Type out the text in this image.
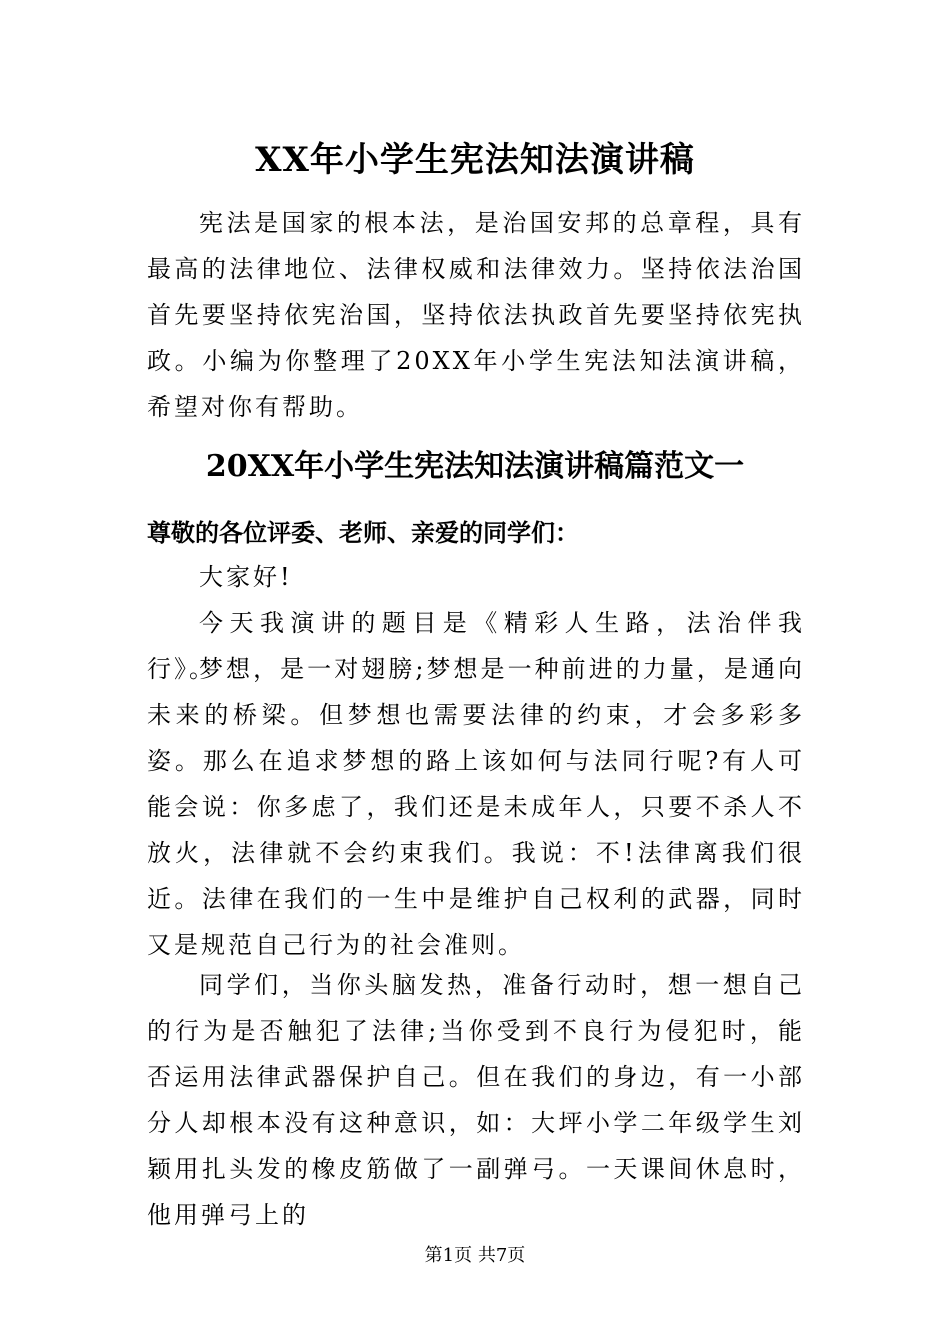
XX年小学生宪法知法演讲稿

宪法是国家的根本法，是治国安邦的总章程，具有最高的法律地位、法律权威和法律效力。坚持依法治国首先要坚持依宪治国，坚持依法执政首先要坚持依宪执政。小编为你整理了20XX年小学生宪法知法演讲稿，希望对你有帮助。

20XX年小学生宪法知法演讲稿篇范文一
尊敬的各位评委、老师、亲爱的同学们：

大家好!

今天我演讲的题目是《精彩人生路，法治伴我行》。

梦想，是一对翅膀;梦想是一种前进的力量，是通向未来的桥梁。但梦想也需要法律的约束，才会多彩多姿。那么在追求梦想的路上该如何与法同行呢?有人可能会说：你多虑了，我们还是未成年人，只要不杀人不放火，法律就不会约束我们。我说：不!法律离我们很近。法律在我们的一生中是维护自己权利的武器，同时又是规范自己行为的社会准则。

同学们，当你头脑发热，准备行动时，想一想自己的行为是否触犯了法律;当你受到不良行为侵犯时，能否运用法律武器保护自己。但在我们的身边，有一小部分人却根本没有这种意识，如：大坪小学二年级学生刘颖用扎头发的橡皮筋做了一副弹弓。一天课间休息时，他用弹弓上的

第1页 共7页
